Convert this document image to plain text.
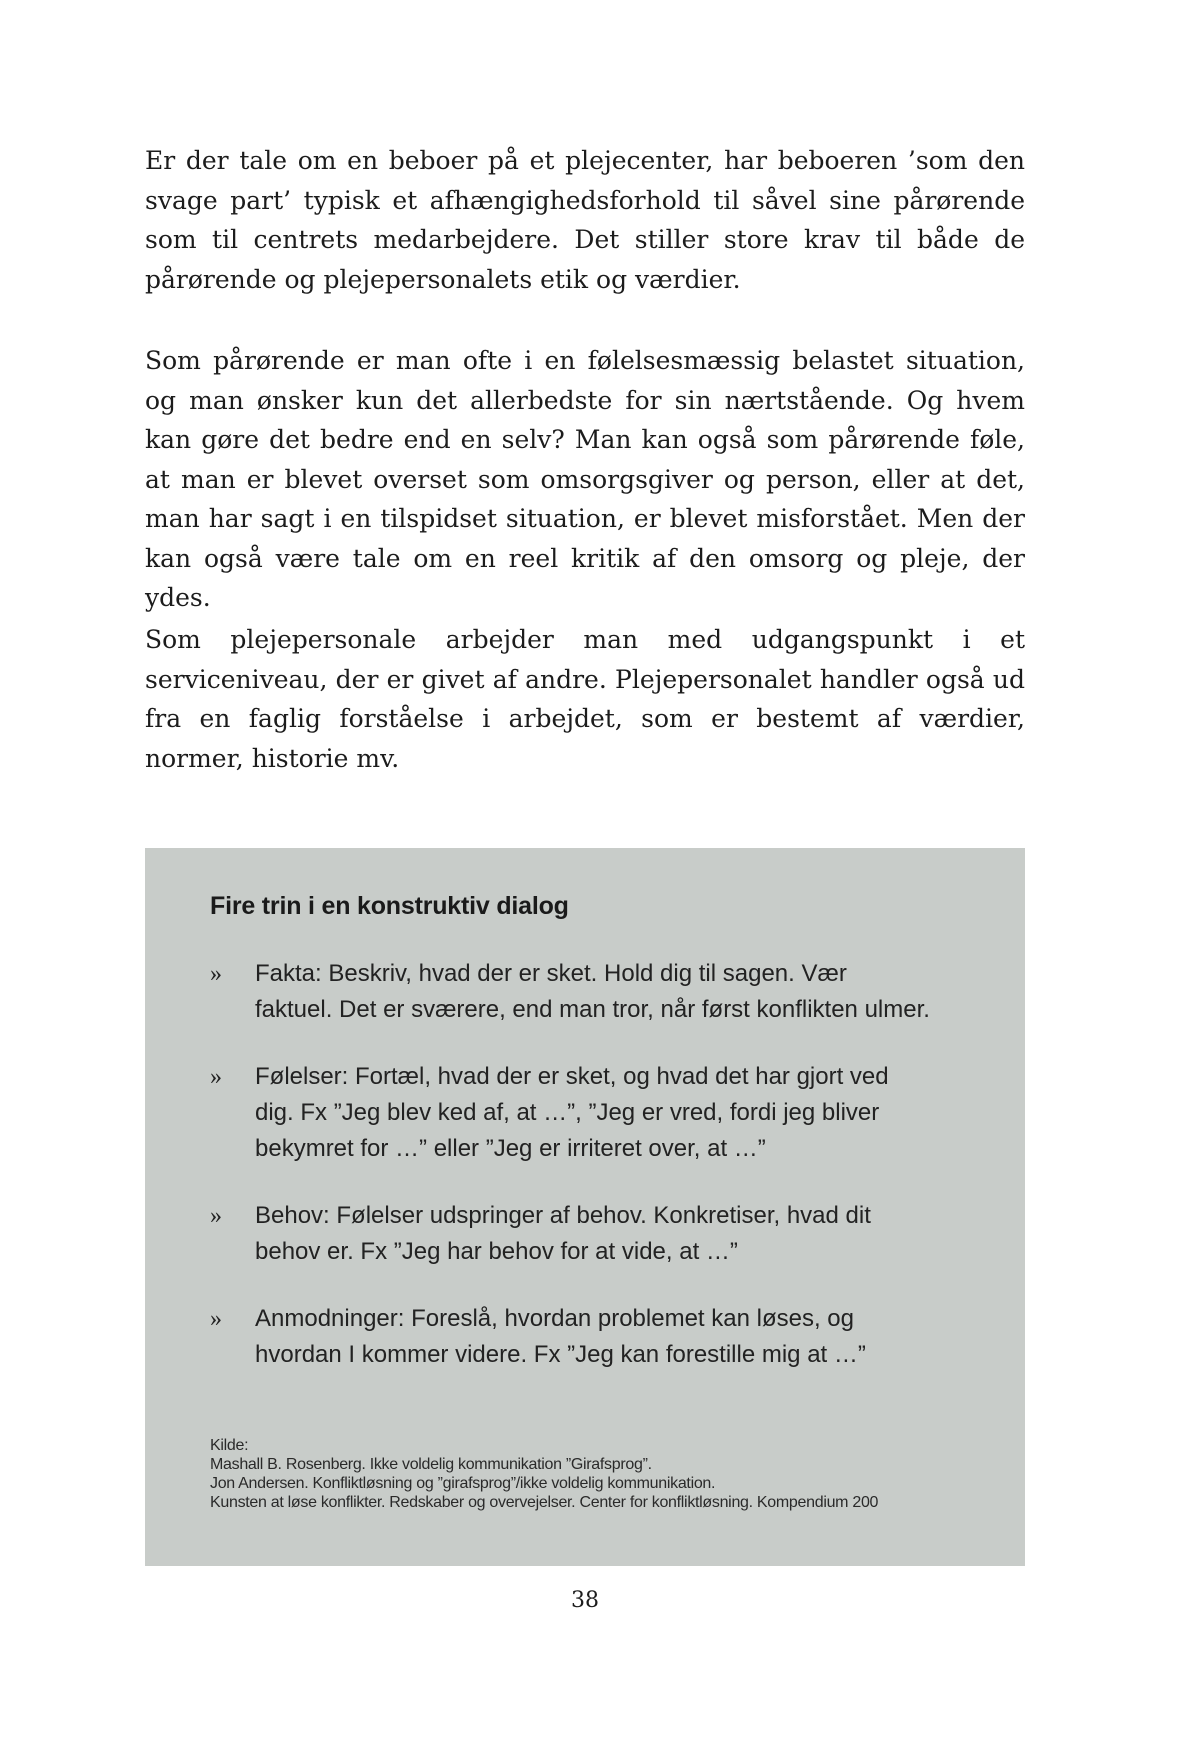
Er der tale om en beboer på et plejecenter, har beboeren ’som den svage part’ typisk et afhængighedsforhold til såvel sine pårørende som til centrets medarbejdere. Det stiller store krav til både de pårørende og plejepersonalets etik og værdier.

Som pårørende er man ofte i en følelsesmæssig belastet situation, og man ønsker kun det allerbedste for sin nærtstående. Og hvem kan gøre det bedre end en selv? Man kan også som pårørende føle, at man er blevet overset som omsorgsgiver og person, eller at det, man har sagt i en tilspidset situation, er blevet misforstået. Men der kan også være tale om en reel kritik af den omsorg og pleje, der ydes.

Som plejepersonale arbejder man med udgangspunkt i et serviceniveau, der er givet af andre. Plejepersonalet handler også ud fra en faglig forståelse i arbejdet, som er bestemt af værdier, normer, historie mv.

Fire trin i en konstruktiv dialog
»	Fakta: Beskriv, hvad der er sket. Hold dig til sagen. Vær faktuel. Det er sværere, end man tror, når først konflikten ulmer.
»	Følelser: Fortæl, hvad der er sket, og hvad det har gjort ved dig. Fx ”Jeg blev ked af, at …”, ”Jeg er vred, fordi jeg bliver bekymret for …” eller ”Jeg er irriteret over, at …”
»	Behov: Følelser udspringer af behov. Konkretiser, hvad dit behov er. Fx ”Jeg har behov for at vide, at …”
»	Anmodninger: Foreslå, hvordan problemet kan løses, og hvordan I kommer videre. Fx ”Jeg kan forestille mig at …”
Kilde:
Mashall B. Rosenberg. Ikke voldelig kommunikation ”Girafsprog”.
Jon Andersen. Konfliktløsning og ”girafsprog”/ikke voldelig kommunikation.
Kunsten at løse konflikter. Redskaber og overvejelser. Center for konfliktløsning. Kompendium 200
38
